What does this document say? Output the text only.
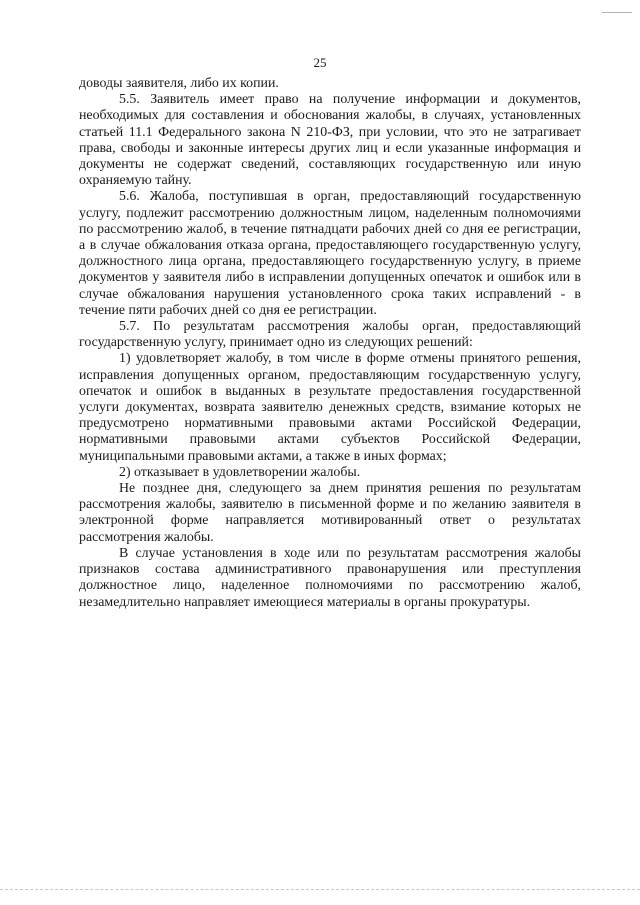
25

доводы заявителя, либо их копии.

5.5. Заявитель имеет право на получение информации и документов, необходимых для составления и обоснования жалобы, в случаях, установленных статьей 11.1 Федерального закона N 210-ФЗ, при условии, что это не затрагивает права, свободы и законные интересы других лиц и если указанные информация и документы не содержат сведений, составляющих государственную или иную охраняемую тайну.

5.6. Жалоба, поступившая в орган, предоставляющий государственную услугу, подлежит рассмотрению должностным лицом, наделенным полномочиями по рассмотрению жалоб, в течение пятнадцати рабочих дней со дня ее регистрации, а в случае обжалования отказа органа, предоставляющего государственную услугу, должностного лица органа, предоставляющего государственную услугу, в приеме документов у заявителя либо в исправлении допущенных опечаток и ошибок или в случае обжалования нарушения установленного срока таких исправлений - в течение пяти рабочих дней со дня ее регистрации.

5.7. По результатам рассмотрения жалобы орган, предоставляющий государственную услугу, принимает одно из следующих решений:

1) удовлетворяет жалобу, в том числе в форме отмены принятого решения, исправления допущенных органом, предоставляющим государственную услугу, опечаток и ошибок в выданных в результате предоставления государственной услуги документах, возврата заявителю денежных средств, взимание которых не предусмотрено нормативными правовыми актами Российской Федерации, нормативными правовыми актами субъектов Российской Федерации, муниципальными правовыми актами, а также в иных формах;

2) отказывает в удовлетворении жалобы.

Не позднее дня, следующего за днем принятия решения по результатам рассмотрения жалобы, заявителю в письменной форме и по желанию заявителя в электронной форме направляется мотивированный ответ о результатах рассмотрения жалобы.

В случае установления в ходе или по результатам рассмотрения жалобы признаков состава административного правонарушения или преступления должностное лицо, наделенное полномочиями по рассмотрению жалоб, незамедлительно направляет имеющиеся материалы в органы прокуратуры.
